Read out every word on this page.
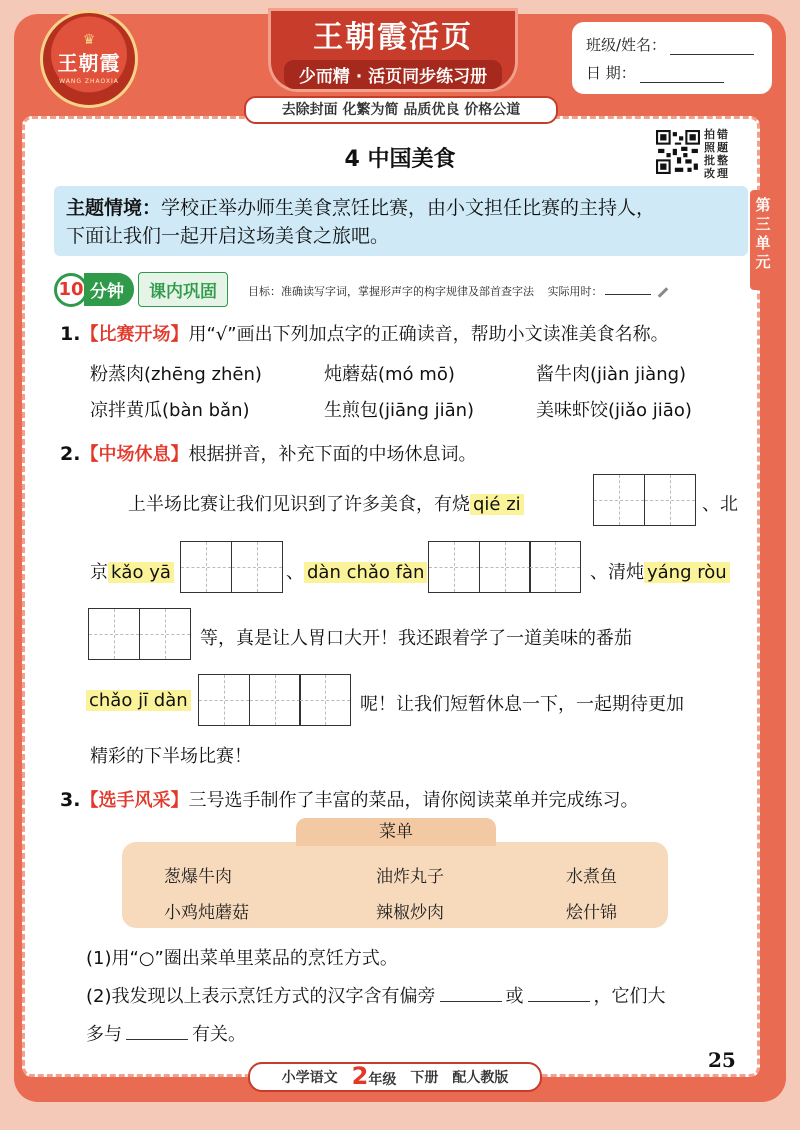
♛
王朝霞
WANG ZHAOXIA
王朝霞活页
少而精 · 活页同步练习册
去除封面 化繁为简 品质优良 价格公道
班级/姓名：
日 期：
4 中国美食
拍
照
批
改
错
题
整
理
主题情境：学校正举办师生美食烹饪比赛，由小文担任比赛的主持人，
下面让我们一起开启这场美食之旅吧。
第
三
单
元
10 分钟	课内巩固	目标：准确读写字词，掌握形声字的构字规律及部首查字法 实际用时：
1.【比赛开场】用“√”画出下列加点字的正确读音，帮助小文读准美食名称。
粉蒸肉(zhēng zhēn)	炖蘑菇(mó mō)	酱牛肉(jiàn jiàng)
凉拌黄瓜(bàn bǎn)	生煎包(jiāng jiān)	美味虾饺(jiǎo jiāo)
2.【中场休息】根据拼音，补充下面的中场休息词。
上半场比赛让我们见识到了许多美食，有烧 qié zi	、北
京 kǎo yā	、 dàn chǎo fàn	、清炖 yáng ròu
等，真是让人胃口大开！我还跟着学了一道美味的番茄
chǎo jī dàn	呢！让我们短暂休息一下，一起期待更加
精彩的下半场比赛！
3.【选手风采】三号选手制作了丰富的菜品，请你阅读菜单并完成练习。
菜单
葱爆牛肉	油炸丸子	水煮鱼
小鸡炖蘑菇	辣椒炒肉	烩什锦
(1)用“○”圈出菜单里菜品的烹饪方式。
(2)我发现以上表示烹饪方式的汉字含有偏旁	或	，它们大
多与	有关。
小学语文 2年级 下册 配人教版
25
